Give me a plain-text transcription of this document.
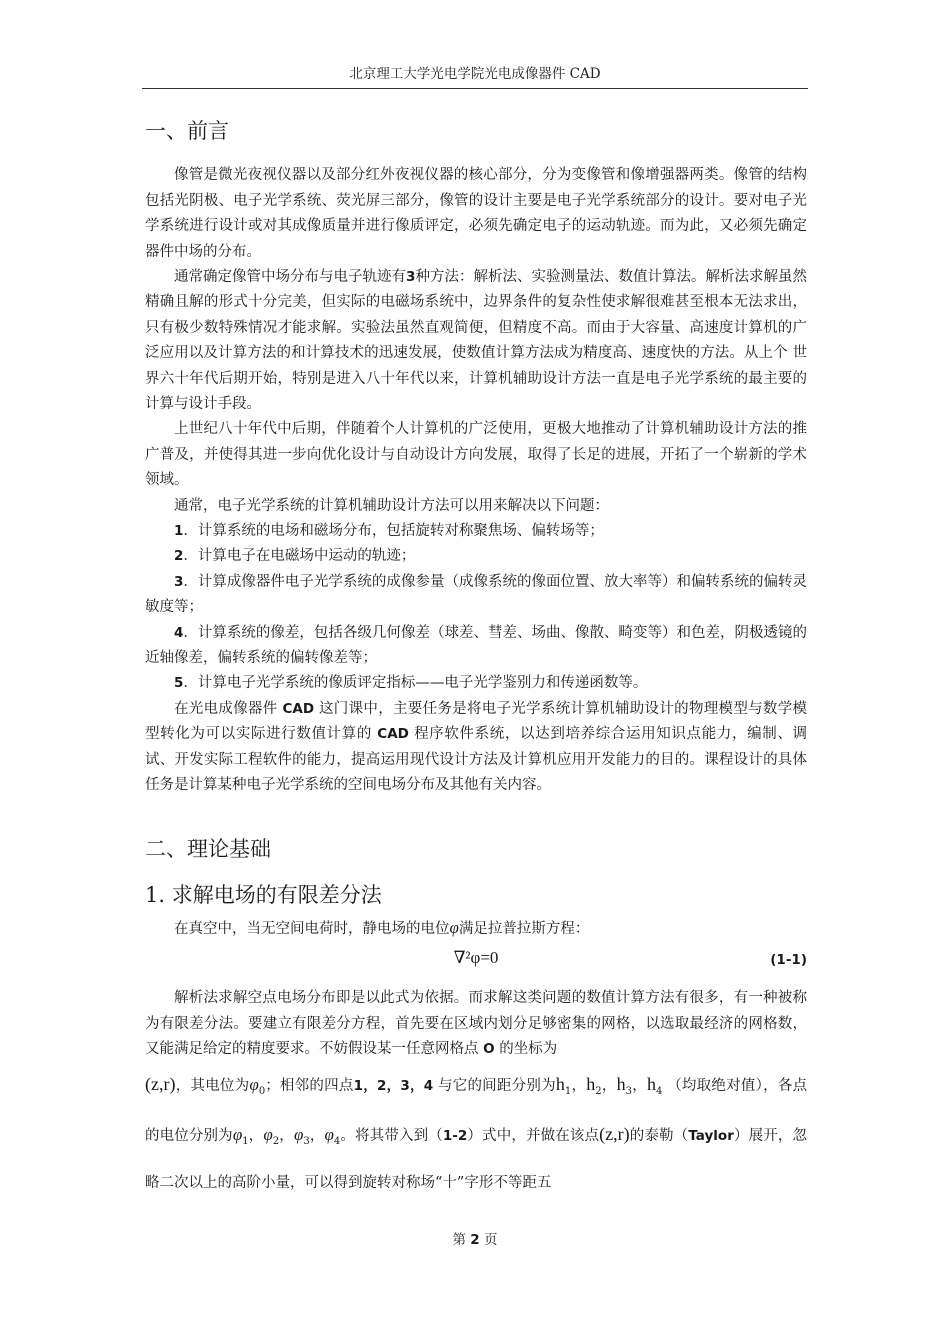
北京理工大学光电学院光电成像器件 CAD
一、前言

像管是微光夜视仪器以及部分红外夜视仪器的核心部分，分为变像管和像增强器两类。像管的结构包括光阴极、电子光学系统、荧光屏三部分，像管的设计主要是电子光学系统部分的设计。要对电子光学系统进行设计或对其成像质量并进行像质评定，必须先确定电子的运动轨迹。而为此，又必须先确定器件中场的分布。

通常确定像管中场分布与电子轨迹有3种方法：解析法、实验测量法、数值计算法。解析法求解虽然精确且解的形式十分完美，但实际的电磁场系统中，边界条件的复杂性使求解很难甚至根本无法求出，只有极少数特殊情况才能求解。实验法虽然直观简便，但精度不高。而由于大容量、高速度计算机的广泛应用以及计算方法的和计算技术的迅速发展，使数值计算方法成为精度高、速度快的方法。从上个 世界六十年代后期开始，特别是进入八十年代以来，计算机辅助设计方法一直是电子光学系统的最主要的计算与设计手段。

上世纪八十年代中后期，伴随着个人计算机的广泛使用，更极大地推动了计算机辅助设计方法的推广普及，并使得其进一步向优化设计与自动设计方向发展，取得了长足的进展，开拓了一个崭新的学术领域。

通常，电子光学系统的计算机辅助设计方法可以用来解决以下问题：

1．计算系统的电场和磁场分布，包括旋转对称聚焦场、偏转场等；

2．计算电子在电磁场中运动的轨迹；

3．计算成像器件电子光学系统的成像参量（成像系统的像面位置、放大率等）和偏转系统的偏转灵敏度等；

4．计算系统的像差，包括各级几何像差（球差、彗差、场曲、像散、畸变等）和色差，阴极透镜的近轴像差，偏转系统的偏转像差等；

5．计算电子光学系统的像质评定指标——电子光学鉴别力和传递函数等。

在光电成像器件 CAD 这门课中，主要任务是将电子光学系统计算机辅助设计的物理模型与数学模型转化为可以实际进行数值计算的 CAD 程序软件系统，以达到培养综合运用知识点能力，编制、调试、开发实际工程软件的能力，提高运用现代设计方法及计算机应用开发能力的目的。课程设计的具体任务是计算某种电子光学系统的空间电场分布及其他有关内容。

二、理论基础
1. 求解电场的有限差分法

在真空中，当无空间电荷时，静电场的电位φ满足拉普拉斯方程：

∇²φ=0	(1-1)

解析法求解空点电场分布即是以此式为依据。而求解这类问题的数值计算方法有很多，有一种被称为有限差分法。要建立有限差分方程，首先要在区域内划分足够密集的网格，以选取最经济的网格数，又能满足给定的精度要求。不妨假设某一任意网格点 O 的坐标为

(z,r)，其电位为$\varphi_0$；相邻的四点1，2，3，4 与它的间距分别为$h_1$，$h_2$，$h_3$，$h_4$ （均取绝对值），各点的电位分别为$\varphi_1$，$\varphi_2$，$\varphi_3$，$\varphi_4$。将其带入到（1-2）式中，并做在该点(z,r)的泰勒（Taylor）展开，忽略二次以上的高阶小量，可以得到旋转对称场“十”字形不等距五

第 2 页
